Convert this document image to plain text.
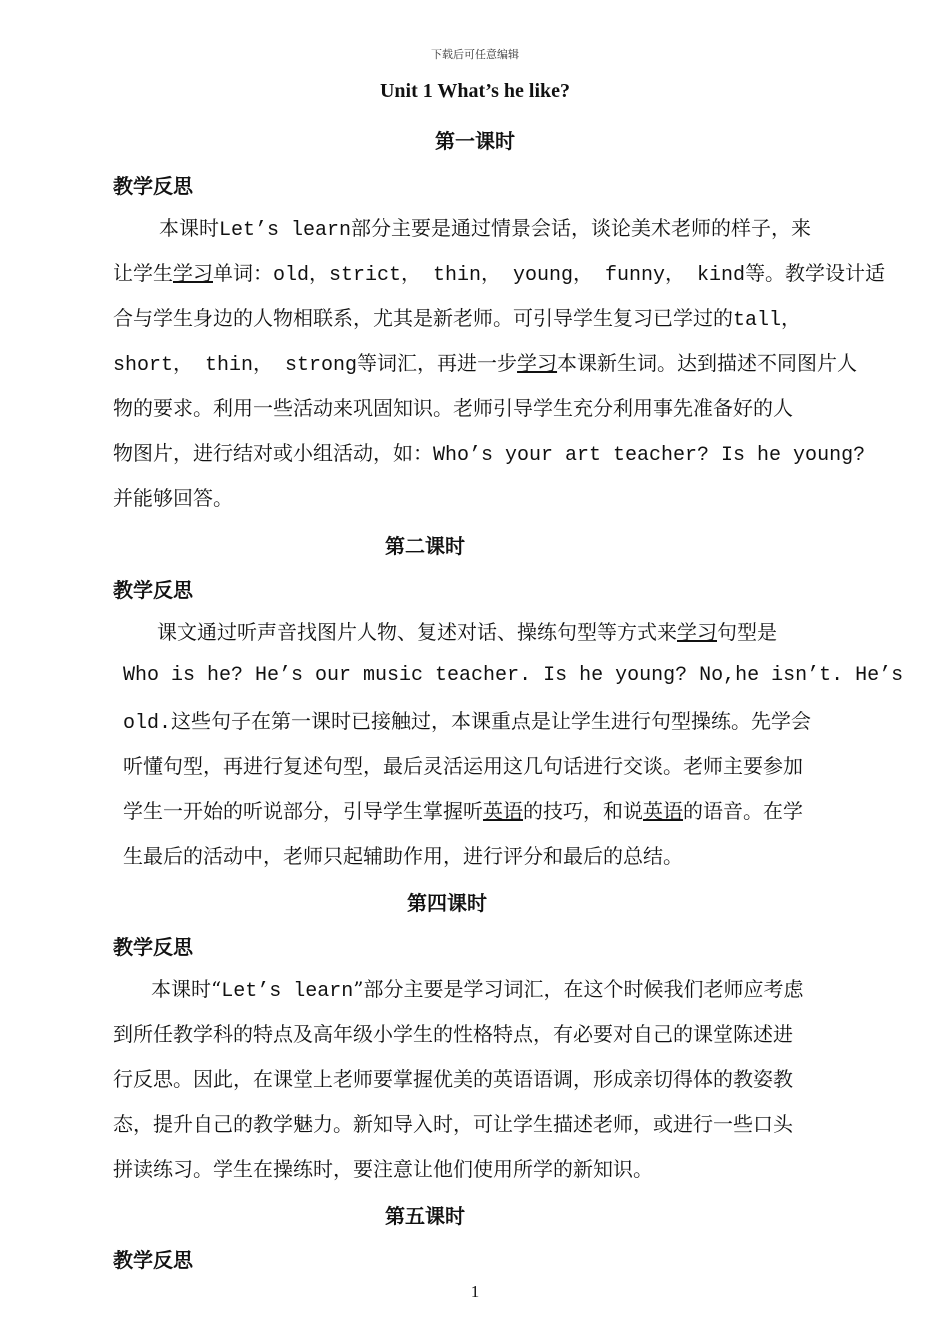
下载后可任意编辑
Unit 1 What’s he like?
第一课时
教学反思
本课时Let’s learn部分主要是通过情景会话，谈论美术老师的样子，来
让学生学习单词：old，strict， thin， young， funny， kind等。教学设计适
合与学生身边的人物相联系，尤其是新老师。可引导学生复习已学过的tall，
short， thin， strong等词汇，再进一步学习本课新生词。达到描述不同图片人
物的要求。利用一些活动来巩固知识。老师引导学生充分利用事先准备好的人
物图片，进行结对或小组活动，如：Who’s your art teacher? Is he young?
并能够回答。
第二课时
教学反思
课文通过听声音找图片人物、复述对话、操练句型等方式来学习句型是
Who is he? He’s our music teacher. Is he young? No,he isn’t. He’s
old.这些句子在第一课时已接触过，本课重点是让学生进行句型操练。先学会
听懂句型，再进行复述句型，最后灵活运用这几句话进行交谈。老师主要参加
学生一开始的听说部分，引导学生掌握听英语的技巧，和说英语的语音。在学
生最后的活动中，老师只起辅助作用，进行评分和最后的总结。
第四课时
教学反思
本课时“Let’s learn”部分主要是学习词汇，在这个时候我们老师应考虑
到所任教学科的特点及高年级小学生的性格特点，有必要对自己的课堂陈述进
行反思。因此，在课堂上老师要掌握优美的英语语调，形成亲切得体的教姿教
态，提升自己的教学魅力。新知导入时，可让学生描述老师，或进行一些口头
拼读练习。学生在操练时，要注意让他们使用所学的新知识。
第五课时
教学反思
1
